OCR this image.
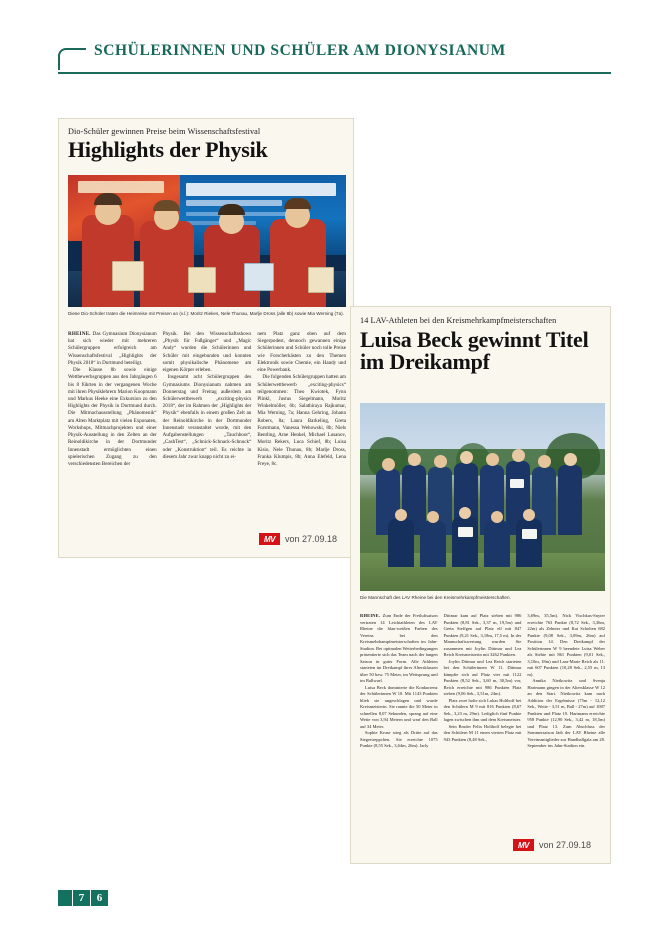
SCHÜLERINNEN UND SCHÜLER AM DIONYSIANUM
Dio-Schüler gewinnen Preise beim Wissenschaftsfestival
Highlights der Physik
Diese Dio-Schüler traten die Heimreise mit Preisen an (v.l.): Moritz Riekes, Nele Thunau, Marlje Dross (alle 8b) sowie Mia Werning (7a).

RHEINE. Das Gymnasium Dionysianum hat sich wieder mit mehreren Schülergruppen erfolgreich am Wissenschaftsfestival „Highlights der Physik 2018“ in Dortmund beteiligt.

Die Klasse 8b sowie einige Wettbewerbsgruppen aus den Jahrgängen 6 bis 8 führten in der vergangenen Woche mit ihren Physiklehrern Marion Koopmann und Markus Heeke eine Exkursion zu den Highlights der Physik in Dortmund durch. Die Mitmachausstellung „Phänomenik“ am Alten Marktplatz mit vielen Exponaten, Workshops, Mitmachprojekten und einer Physik-Ausstellung in den Zelten an der Reinoldikirche in der Dortmunder Innenstadt ermöglichten einen spielerischen Zugang zu den verschiedensten Bereichen der

Physik. Bei den Wissenschaftsshows „Physik für Fußgänger“ und „Magic Andy“ wurden die Schülerinnen und Schüler mit eingebunden und konnten somit physikalische Phänomene am eigenen Körper erleben.

Insgesamt acht Schülergruppen des Gymnasiums Dionysianum nahmen am Donnerstag und Freitag außerdem am Schülerwettbewerb „exciting-physics 2018“, der im Rahmen der „Highlights der Physik“ ebenfalls in einem großen Zelt an der Reinoldikirche in der Dortmunder Innenstadt veranstaltet wurde, mit den Aufgabenstellungen „Tauchboot“, „CashTest“, „Schnick-Schnack-Schnuck“ oder „Konstruktion“ teil. Es reichte in diesem Jahr zwar knapp nicht zu ei-

nem Platz ganz oben auf dem Siegerpodest, dennoch gewannen einige Schülerinnen und Schüler noch tolle Preise wie Forscherkästen zu den Themen Elektronik sowie Chemie, ein Handy und eine Powerbank.

Die folgenden Schülergruppen hatten am Schülerwettbewerb „exciting-physics“ teilgenommen: Theo Kwiotek, Fynn Plinkl, Justus Siegelmann, Moritz Winkelmöller, 6b; Salathiraya Rajkumar, Mia Werning, 7a; Hanna Gehring, Johann Robers, 8a; Laura Barkeling, Greta Forstmann, Vanessa Wehowski, 8b; Niels Bentling, Arne Henkel, Michael Lusanov, Moritz Rekers, Luca Schief, 8b; Luisa Kisio, Nele Thunau, 8b; Marlje Dross, Franka Klumpis, 8b; Anna Elefeld, Lena Freye, 8c.

MV	von 27.09.18
14 LAV-Athleten bei den Kreismehrkampfmeisterschaften
Luisa Beck gewinnt Titel im Dreikampf
Die Mannschaft des LAV Rheine bei den Kreismehrkampfmeisterschaften.

RHEINE. Zum Ende der Freiluftsaison vertraten 14 Leichtathleten des LAV Rheine die blau-weißen Farben des Vereins bei den Kreismehrkampfmeisterschaften im Jahn-Stadion. Bei optimalen Wetterbedingungen präsentierte sich das Team nach der langen Saison in guter Form. Alle Athleten starteten im Dreikampf ihrer Altersklassen über 50 bzw. 75 Meter, im Weitsprung und im Ballwurf.

Luisa Beck dominierte die Konkurrenz der Schülerinnen W 10. Mit 1143 Punkten blieb sie ungeschlagen und wurde Kreismeisterin. Sie rannte die 50 Meter in schnellen 8,07 Sekunden, sprang auf eine Weite von 3,94 Metern und warf den Ball auf 34 Meter.

Sophie Kruse stieg als Dritte auf das Siegertreppchen. Sie erreichte 1075 Punkte (8,55 Sek., 3,64m, 26m). Jarly

Dittmar kam auf Platz sieben mit 986 Punkten (8,81 Sek., 3,37 m, 19,5m) und Greta Steffgen auf Platz elf mit 847 Punkten (9,21 Sek., 3,18m, 17,5 m). In der Mannschaftswertung wurden Sie zusammen mit Joylin Dittmar und Lea Reich Kreismeisterin mit 3262 Punkten.

Joylin Dittmar und Lea Reich starteten bei den Schülerinnen W 11. Dittmar kämpfte sich auf Platz vier mit 1122 Punkten (8,52 Sek., 3,60 m, 30,5m) vor, Reich erreichte mit 986 Punkten Platz sieben (9,06 Sek., 3,51m, 24m).

Platz zwei holte sich Lukas Holthoff bei den Schülern M 9 mit 816 Punkten (8,67 Sek., 3,23 m, 29m). Lediglich fünf Punkte lagen zwischen ihm und dem Kreismeister.

Sein Bruder Felix Holthoff belegte bei den Schülern M 11 einen vierten Platz mit 943 Punkten (8,48 Sek.,

3,69m, 35,5m). Nick Vischkus-Suyter erreichte 763 Punkte (8,72 Sek., 3,36m, 22m) als Zehnter und Kai Scholten 682 Punkte (9,08 Sek., 3,09m, 26m) auf Position 14. Den Dreikampf der Schülerinnen W 9 beendete Luisa Weber als Siebte mit 861 Punkten (9,01 Sek., 3,10m, 18m) und Lara-Marie Reich als 11. mit 607 Punkten (10,28 Sek., 2,55 m, 13 m).

Annika Nietkowitz und Svenja Hartmann gingen in der Altersklasse W 12 an den Start. Nietkowitz kam nach Addition der Ergebnisse (75m - 12,12 Sek., Weite - 3,51 m, Ball - 27m) auf 1087 Punkten und Platz 10. Hartmann erreichte 958 Punkte (12,90 Sek., 3,42 m, 18,5m) und Platz 13. Zum Abschluss der Sommersaison lädt der LAV Rheine alle Vereinsmitglieder zur Handballgala am 28. September ins Jahn-Stadion ein.

MV	von 27.09.18
7	6
